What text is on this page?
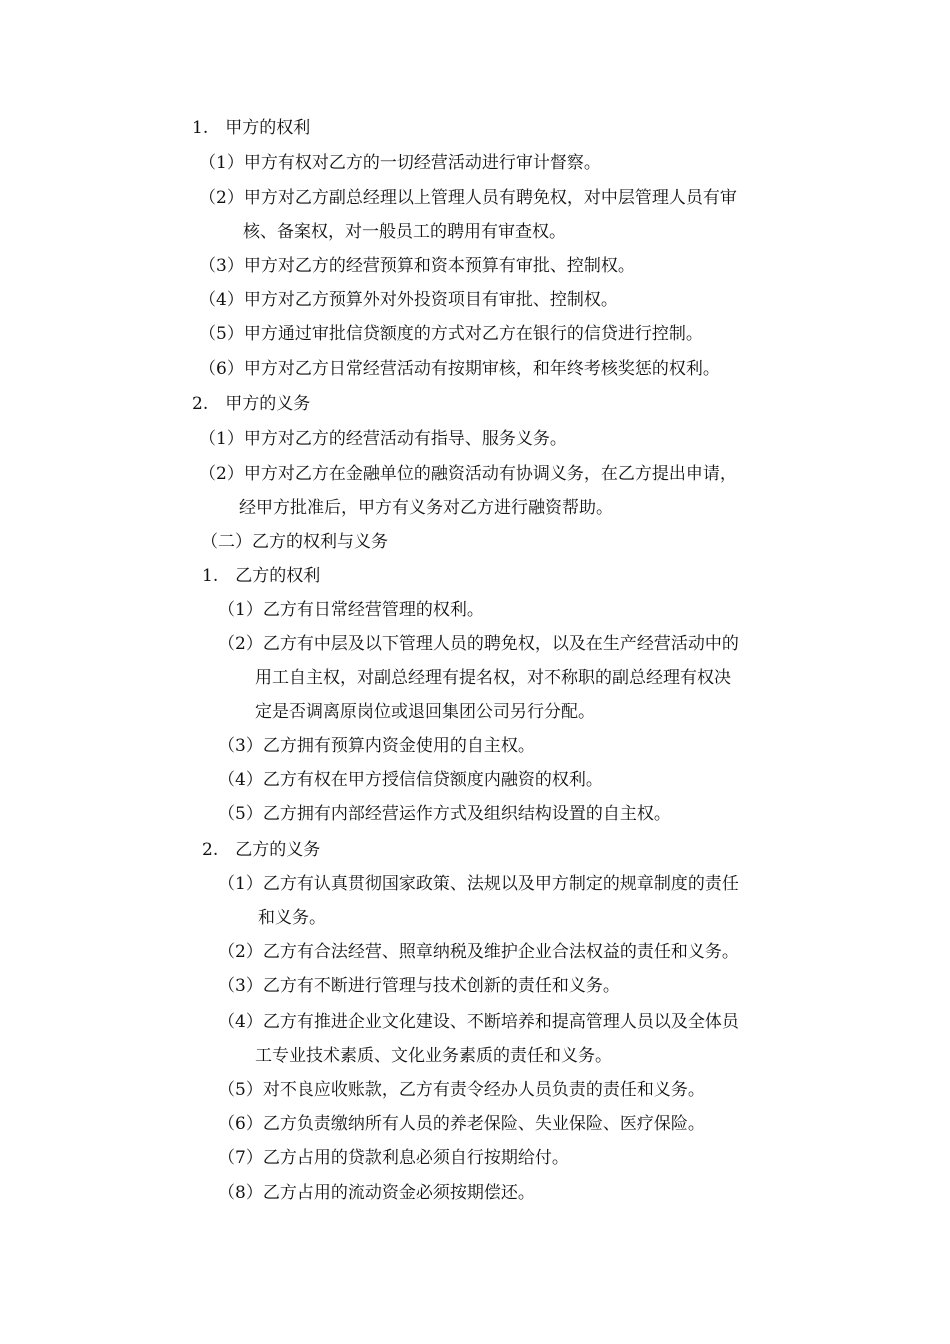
1.　甲方的权利
（1）甲方有权对乙方的一切经营活动进行审计督察。
（2）甲方对乙方副总经理以上管理人员有聘免权，对中层管理人员有审
核、备案权，对一般员工的聘用有审查权。
（3）甲方对乙方的经营预算和资本预算有审批、控制权。
（4）甲方对乙方预算外对外投资项目有审批、控制权。
（5）甲方通过审批信贷额度的方式对乙方在银行的信贷进行控制。
（6）甲方对乙方日常经营活动有按期审核，和年终考核奖惩的权利。
2.　甲方的义务
（1）甲方对乙方的经营活动有指导、服务义务。
（2）甲方对乙方在金融单位的融资活动有协调义务，在乙方提出申请，
经甲方批准后，甲方有义务对乙方进行融资帮助。
（二）乙方的权利与义务
1.　乙方的权利
（1）乙方有日常经营管理的权利。
（2）乙方有中层及以下管理人员的聘免权，以及在生产经营活动中的
用工自主权，对副总经理有提名权，对不称职的副总经理有权决
定是否调离原岗位或退回集团公司另行分配。
（3）乙方拥有预算内资金使用的自主权。
（4）乙方有权在甲方授信信贷额度内融资的权利。
（5）乙方拥有内部经营运作方式及组织结构设置的自主权。
2.　乙方的义务
（1）乙方有认真贯彻国家政策、法规以及甲方制定的规章制度的责任
和义务。
（2）乙方有合法经营、照章纳税及维护企业合法权益的责任和义务。
（3）乙方有不断进行管理与技术创新的责任和义务。
（4）乙方有推进企业文化建设、不断培养和提高管理人员以及全体员
工专业技术素质、文化业务素质的责任和义务。
（5）对不良应收账款，乙方有责令经办人员负责的责任和义务。
（6）乙方负责缴纳所有人员的养老保险、失业保险、医疗保险。
（7）乙方占用的贷款利息必须自行按期给付。
（8）乙方占用的流动资金必须按期偿还。
